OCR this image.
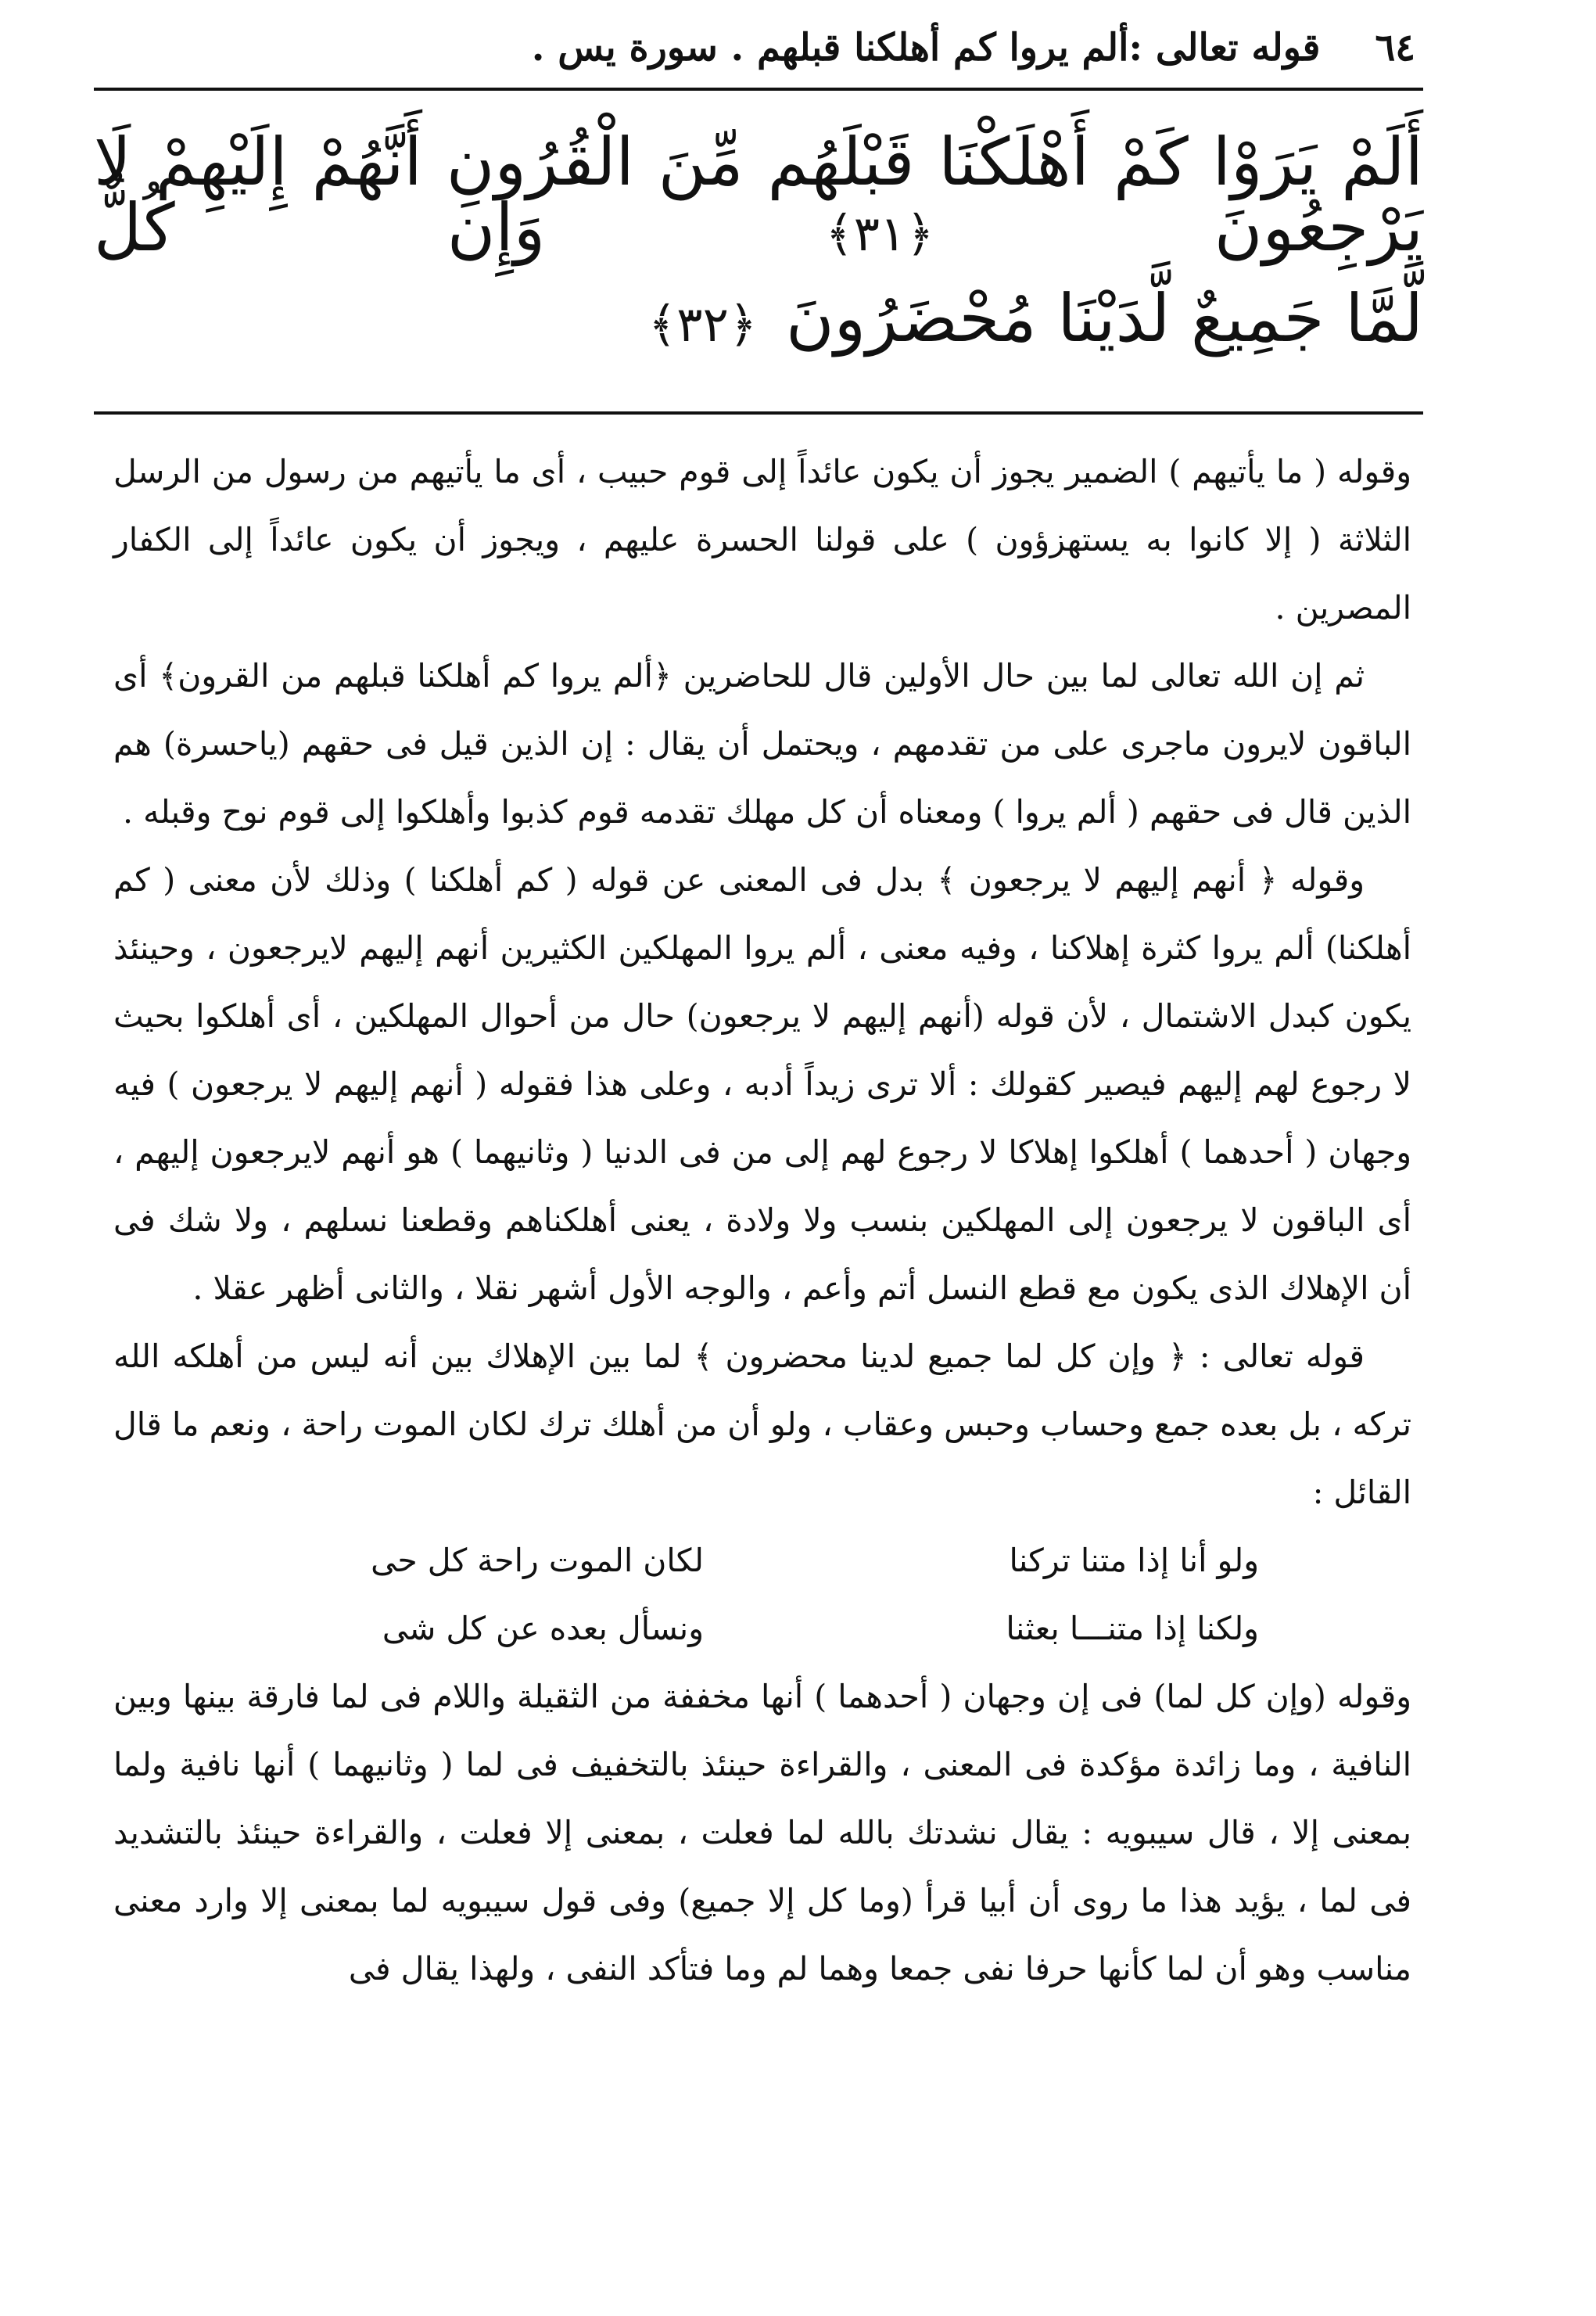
٦٤
قوله تعالى :ألم يروا كم أهلكنا قبلهم . سورة يس .
أَلَمْ يَرَوْا كَمْ أَهْلَكْنَا قَبْلَهُم مِّنَ الْقُرُونِ أَنَّهُمْ إِلَيْهِمْ لَا يَرْجِعُونَ ﴿٣١﴾ وَإِن كُلٌّ
لَّمَّا جَمِيعٌ لَّدَيْنَا مُحْضَرُونَ ﴿٣٢﴾

وقوله ( ما يأتيهم ) الضمير يجوز أن يكون عائداً إلى قوم حبيب ، أى ما يأتيهم من رسول من الرسل الثلاثة ( إلا كانوا به يستهزؤون ) على قولنا الحسرة عليهم ، ويجوز أن يكون عائداً إلى الكفار المصرين .

ثم إن الله تعالى لما بين حال الأولين قال للحاضرين ﴿ألم يروا كم أهلكنا قبلهم من القرون﴾ أى الباقون لايرون ماجرى على من تقدمهم ، ويحتمل أن يقال : إن الذين قيل فى حقهم (ياحسرة) هم الذين قال فى حقهم ( ألم يروا ) ومعناه أن كل مهلك تقدمه قوم كذبوا وأهلكوا إلى قوم نوح وقبله .

وقوله ﴿ أنهم إليهم لا يرجعون ﴾ بدل فى المعنى عن قوله ( كم أهلكنا ) وذلك لأن معنى ( كم أهلكنا) ألم يروا كثرة إهلاكنا ، وفيه معنى ، ألم يروا المهلكين الكثيرين أنهم إليهم لايرجعون ، وحينئذ يكون كبدل الاشتمال ، لأن قوله (أنهم إليهم لا يرجعون) حال من أحوال المهلكين ، أى أهلكوا بحيث لا رجوع لهم إليهم فيصير كقولك : ألا ترى زيداً أدبه ، وعلى هذا فقوله ( أنهم إليهم لا يرجعون ) فيه وجهان ( أحدهما ) أهلكوا إهلاكا لا رجوع لهم إلى من فى الدنيا ( وثانيهما ) هو أنهم لايرجعون إليهم ، أى الباقون لا يرجعون إلى المهلكين بنسب ولا ولادة ، يعنى أهلكناهم وقطعنا نسلهم ، ولا شك فى أن الإهلاك الذى يكون مع قطع النسل أتم وأعم ، والوجه الأول أشهر نقلا ، والثانى أظهر عقلا .

قوله تعالى : ﴿ وإن كل لما جميع لدينا محضرون ﴾ لما بين الإهلاك بين أنه ليس من أهلكه الله تركه ، بل بعده جمع وحساب وحبس وعقاب ، ولو أن من أهلك ترك لكان الموت راحة ، ونعم ما قال القائل :

ولو أنا إذا متنا تركنا
لكان الموت راحة كل حى
ولكنا إذا متنـــا بعثنا
ونسأل بعده عن كل شى

وقوله (وإن كل لما) فى إن وجهان ( أحدهما ) أنها مخففة من الثقيلة واللام فى لما فارقة بينها وبين النافية ، وما زائدة مؤكدة فى المعنى ، والقراءة حينئذ بالتخفيف فى لما ( وثانيهما ) أنها نافية ولما بمعنى إلا ، قال سيبويه : يقال نشدتك بالله لما فعلت ، بمعنى إلا فعلت ، والقراءة حينئذ بالتشديد فى لما ، يؤيد هذا ما روى أن أبيا قرأ (وما كل إلا جميع) وفى قول سيبويه لما بمعنى إلا وارد معنى مناسب وهو أن لما كأنها حرفا نفى جمعا وهما لم وما فتأكد النفى ، ولهذا يقال فى
